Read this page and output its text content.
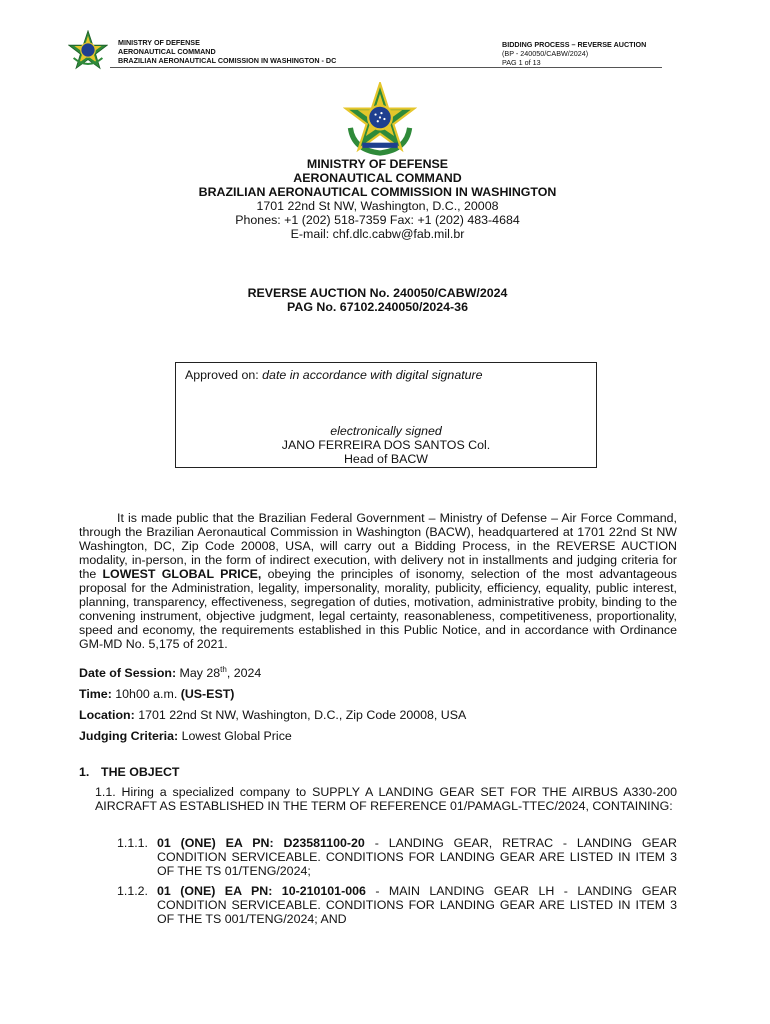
MINISTRY OF DEFENSE
AERONAUTICAL COMMAND
BRAZILIAN AERONAUTICAL COMISSION IN WASHINGTON - DC
BIDDING PROCESS – REVERSE AUCTION
(BP - 240050/CABW/2024)
PAG 1 of 13
MINISTRY OF DEFENSE
AERONAUTICAL COMMAND
BRAZILIAN AERONAUTICAL COMMISSION IN WASHINGTON
1701 22nd St NW, Washington, D.C., 20008
Phones: +1 (202) 518-7359 Fax: +1 (202) 483-4684
E-mail: chf.dlc.cabw@fab.mil.br
REVERSE AUCTION No. 240050/CABW/2024
PAG No. 67102.240050/2024-36
Approved on: date in accordance with digital signature
electronically signed
JANO FERREIRA DOS SANTOS Col.
Head of BACW
It is made public that the Brazilian Federal Government – Ministry of Defense – Air Force Command, through the Brazilian Aeronautical Commission in Washington (BACW), headquartered at 1701 22nd St NW Washington, DC, Zip Code 20008, USA, will carry out a Bidding Process, in the REVERSE AUCTION modality, in-person, in the form of indirect execution, with delivery not in installments and judging criteria for the LOWEST GLOBAL PRICE, obeying the principles of isonomy, selection of the most advantageous proposal for the Administration, legality, impersonality, morality, publicity, efficiency, equality, public interest, planning, transparency, effectiveness, segregation of duties, motivation, administrative probity, binding to the convening instrument, objective judgment, legal certainty, reasonableness, competitiveness, proportionality, speed and economy, the requirements established in this Public Notice, and in accordance with Ordinance GM-MD No. 5,175 of 2021.
Date of Session: May 28th, 2024
Time: 10h00 a.m. (US-EST)
Location: 1701 22nd St NW, Washington, D.C., Zip Code 20008, USA
Judging Criteria: Lowest Global Price
1. THE OBJECT
1.1. Hiring a specialized company to SUPPLY A LANDING GEAR SET FOR THE AIRBUS A330-200 AIRCRAFT AS ESTABLISHED IN THE TERM OF REFERENCE 01/PAMAGL-TTEC/2024, CONTAINING:
1.1.1. 01 (ONE) EA PN: D23581100-20 - LANDING GEAR, RETRAC - LANDING GEAR CONDITION SERVICEABLE. CONDITIONS FOR LANDING GEAR ARE LISTED IN ITEM 3 OF THE TS 01/TENG/2024;
1.1.2. 01 (ONE) EA PN: 10-210101-006 - MAIN LANDING GEAR LH - LANDING GEAR CONDITION SERVICEABLE. CONDITIONS FOR LANDING GEAR ARE LISTED IN ITEM 3 OF THE TS 001/TENG/2024; AND
